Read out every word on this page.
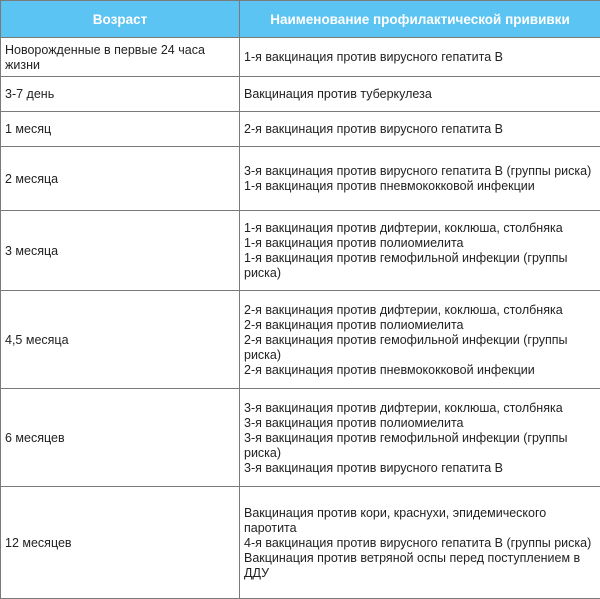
Возраст	Наименование профилактической прививки
Новорожденные в первые 24 часа жизни	1-я вакцинация против вирусного гепатита В

3-7 день	Вакцинация против туберкулеза

1 месяц	2-я вакцинация против вирусного гепатита В

2 месяца	3-я вакцинация против вирусного гепатита В (группы риска)
1-я вакцинация против пневмококковой инфекции

3 месяца	1-я вакцинация против дифтерии, коклюша, столбняка
1-я вакцинация против полиомиелита
1-я вакцинация против гемофильной инфекции (группы риска)

4,5 месяца	2-я вакцинация против дифтерии, коклюша, столбняка
2-я вакцинация против полиомиелита
2-я вакцинация против гемофильной инфекции (группы риска)
2-я вакцинация против пневмококковой инфекции

6 месяцев	3-я вакцинация против дифтерии, коклюша, столбняка
3-я вакцинация против полиомиелита
3-я вакцинация против гемофильной инфекции (группы риска)
3-я вакцинация против вирусного гепатита В

12 месяцев	Вакцинация против кори, краснухи, эпидемического паротита
4-я вакцинация против вирусного гепатита В (группы риска)
Вакцинация против ветряной оспы перед поступлением в ДДУ
